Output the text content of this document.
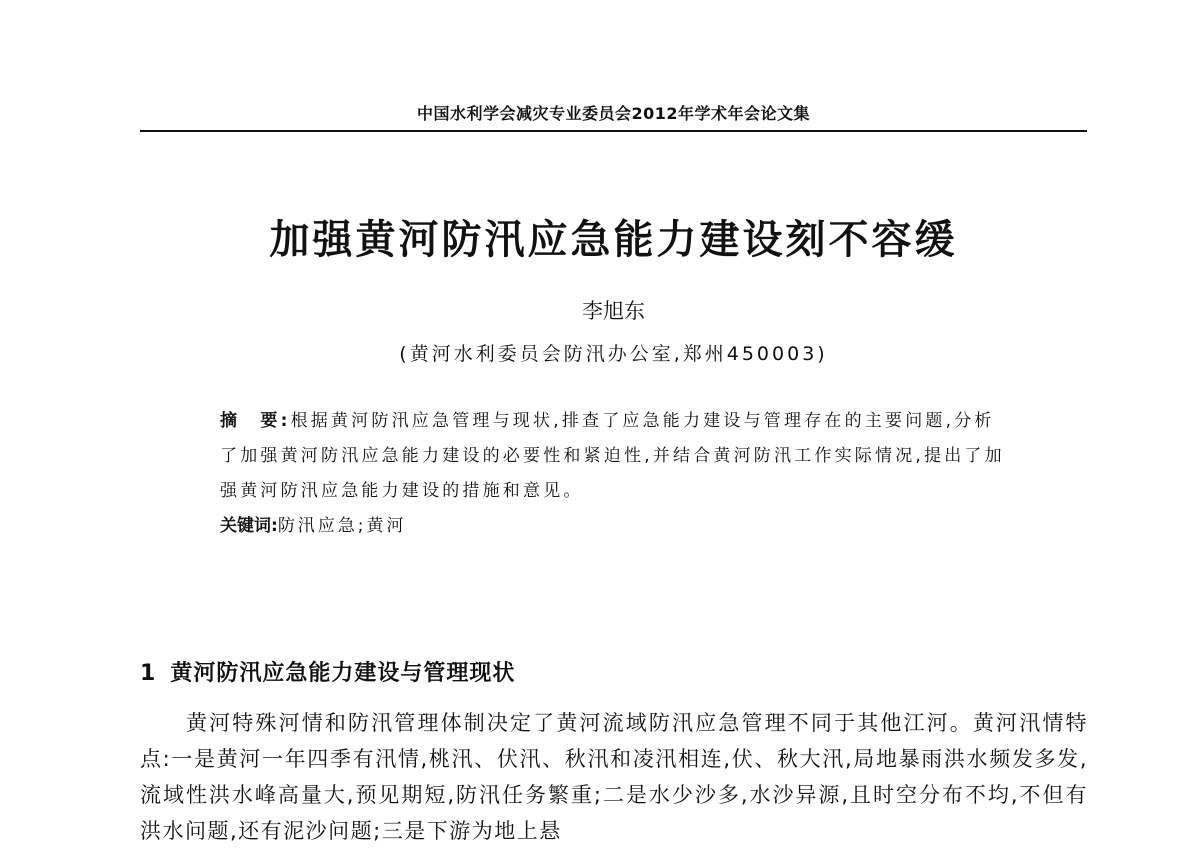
中国水利学会减灾专业委员会2012年学术年会论文集
加强黄河防汛应急能力建设刻不容缓
李旭东
(黄河水利委员会防汛办公室,郑州450003)
摘　要:根据黄河防汛应急管理与现状,排查了应急能力建设与管理存在的主要问题,分析了加强黄河防汛应急能力建设的必要性和紧迫性,并结合黄河防汛工作实际情况,提出了加强黄河防汛应急能力建设的措施和意见。
关键词:防汛应急;黄河
1 黄河防汛应急能力建设与管理现状
黄河特殊河情和防汛管理体制决定了黄河流域防汛应急管理不同于其他江河。黄河汛情特点:一是黄河一年四季有汛情,桃汛、伏汛、秋汛和凌汛相连,伏、秋大汛,局地暴雨洪水频发多发,流域性洪水峰高量大,预见期短,防汛任务繁重;二是水少沙多,水沙异源,且时空分布不均,不但有洪水问题,还有泥沙问题;三是下游为地上悬
